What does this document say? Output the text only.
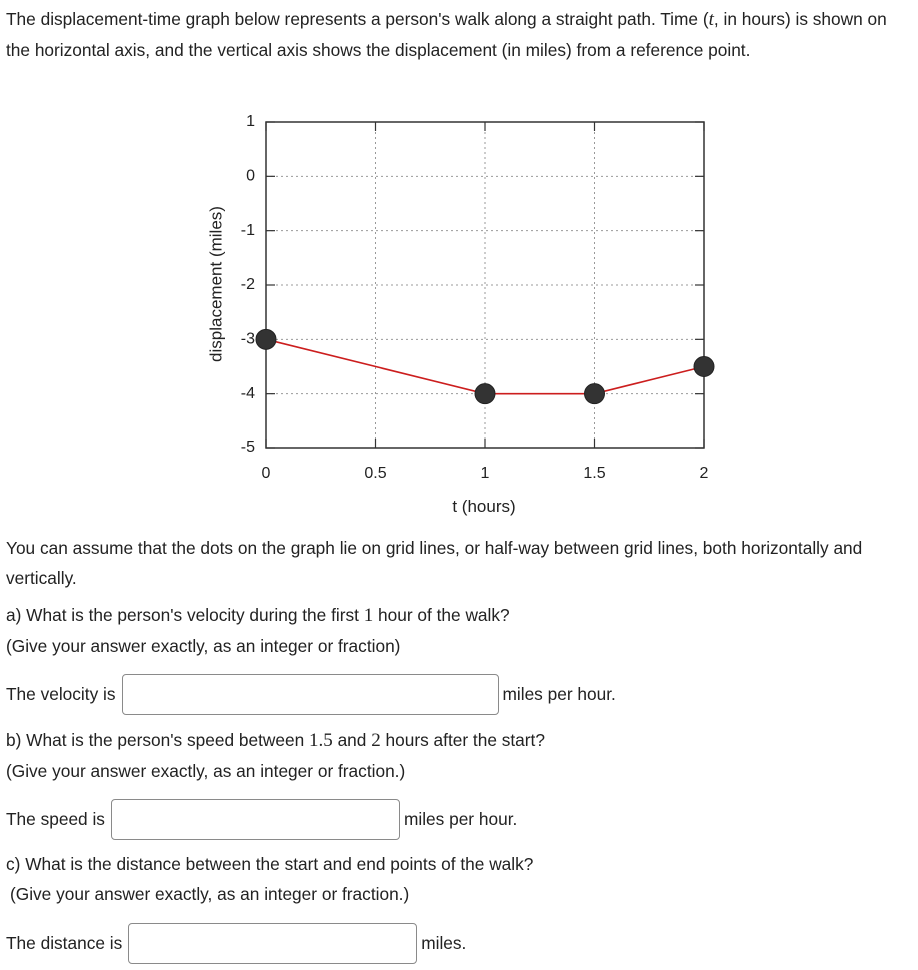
The displacement-time graph below represents a person's walk along a straight path. Time (t, in hours) is shown on the horizontal axis, and the vertical axis shows the displacement (in miles) from a reference point.

displacement (miles)
t (hours)
0	0.5	1	1.5	2
1
0
-1
-2
-3
-4
-5

You can assume that the dots on the graph lie on grid lines, or half-way between grid lines, both horizontally and vertically.

a) What is the person's velocity during the first 1 hour of the walk?
(Give your answer exactly, as an integer or fraction)

The velocity is	miles per hour.

b) What is the person's speed between 1.5 and 2 hours after the start?
(Give your answer exactly, as an integer or fraction.)

The speed is	miles per hour.

c) What is the distance between the start and end points of the walk?
(Give your answer exactly, as an integer or fraction.)

The distance is	miles.
